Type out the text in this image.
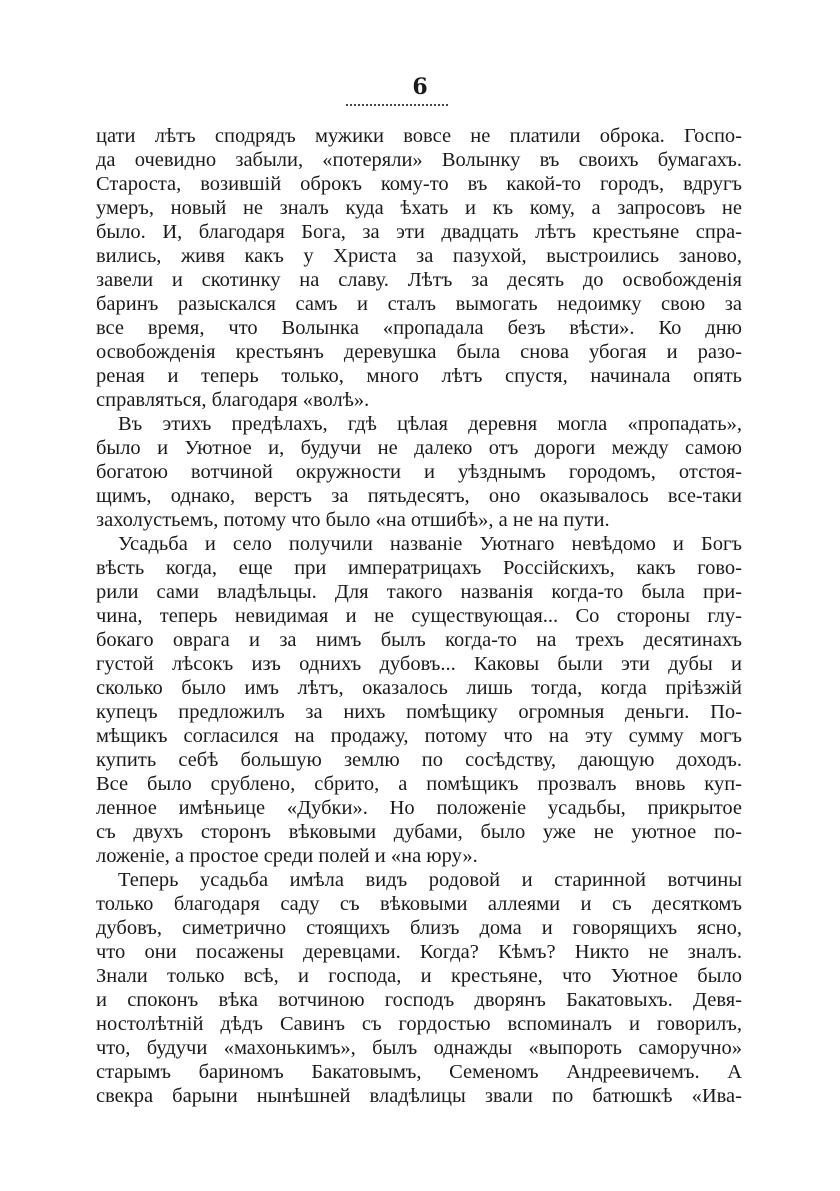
6
цати лѣтъ сподрядъ мужики вовсе не платили оброка. Госпо-
да очевидно забыли, «потеряли» Волынку въ своихъ бумагахъ.
Староста, возившій оброкъ кому-то въ какой-то городъ, вдругъ
умеръ, новый не зналъ куда ѣхать и къ кому, а запросовъ не
было. И, благодаря Бога, за эти двадцать лѣтъ крестьяне спра-
вились, живя какъ у Христа за пазухой, выстроились заново,
завели и скотинку на славу. Лѣтъ за десять до освобожденія
баринъ разыскался самъ и сталъ вымогать недоимку свою за
все время, что Волынка «пропадала безъ вѣсти». Ко дню
освобожденія крестьянъ деревушка была снова убогая и разо-
реная и теперь только, много лѣтъ спустя, начинала опять
справляться, благодаря «волѣ».
Въ этихъ предѣлахъ, гдѣ цѣлая деревня могла «пропадать»,
было и Уютное и, будучи не далеко отъ дороги между самою
богатою вотчиной окружности и уѣзднымъ городомъ, отстоя-
щимъ, однако, верстъ за пятьдесятъ, оно оказывалось все-таки
захолустьемъ, потому что было «на отшибѣ», а не на пути.
Усадьба и село получили названіе Уютнаго невѣдомо и Богъ
вѣсть когда, еще при императрицахъ Россійскихъ, какъ гово-
рили сами владѣльцы. Для такого названія когда-то была при-
чина, теперь невидимая и не существующая... Со стороны глу-
бокаго оврага и за нимъ былъ когда-то на трехъ десятинахъ
густой лѣсокъ изъ однихъ дубовъ... Каковы были эти дубы и
сколько было имъ лѣтъ, оказалось лишь тогда, когда пріѣзжій
купецъ предложилъ за нихъ помѣщику огромныя деньги. По-
мѣщикъ согласился на продажу, потому что на эту сумму могъ
купить себѣ большую землю по сосѣдству, дающую доходъ.
Все было срублено, сбрито, а помѣщикъ прозвалъ вновь куп-
ленное имѣньице «Дубки». Но положеніе усадьбы, прикрытое
съ двухъ сторонъ вѣковыми дубами, было уже не уютное по-
ложеніе, а простое среди полей и «на юру».
Теперь усадьба имѣла видъ родовой и старинной вотчины
только благодаря саду съ вѣковыми аллеями и съ десяткомъ
дубовъ, симетрично стоящихъ близъ дома и говорящихъ ясно,
что они посажены деревцами. Когда? Кѣмъ? Никто не зналъ.
Знали только всѣ, и господа, и крестьяне, что Уютное было
и споконъ вѣка вотчиною господъ дворянъ Бакатовыхъ. Девя-
ностолѣтній дѣдъ Савинъ съ гордостью вспоминалъ и говорилъ,
что, будучи «махонькимъ», былъ однажды «выпороть саморучно»
старымъ бариномъ Бакатовымъ, Семеномъ Андреевичемъ. А
свекра барыни нынѣшней владѣлицы звали по батюшкѣ «Ива-
